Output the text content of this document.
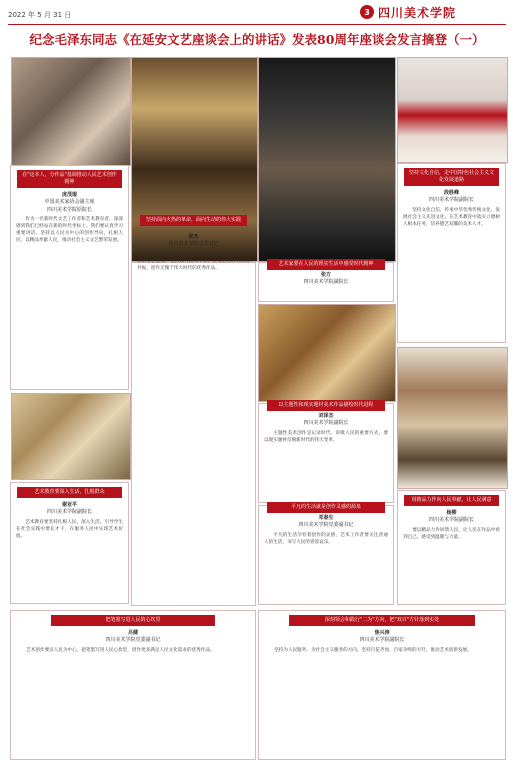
2022 年 5 月 31 日	3 四川美术学院
纪念毛泽东同志《在延安文艺座谈会上的讲话》发表80周年座谈会发言摘登（一）
在"这本人，分作品"基调推动人民艺术创作精神
庞茂琨
中国美术家协会副主席
四川美术学院原院长

作为一名新时代文艺工作者和艺术教育者，深深感到我们已经站在新的时代坐标上。我们要认真学习重要讲话，坚持以人民为中心的创作导向，扎根人民，以精品奉献人民，推动社会主义文艺繁荣发展。

坚持面向火热的革命，面向生动的伟大实践
张杰
四川美术学院党委书记

作为一名艺术家和专业学者，继承和发扬毛泽东同志的文艺思想，坚持以人民为中心，让文艺与时代同频共振，创作无愧于伟大时代的优秀作品。

艺术家要在人民的现实生活中感受时代精神
张方
四川美术学院副院长
坚持文化自信，走中国特色社会主义文化发展道路
段胜峰
四川美术学院副院长

坚持文化自信，传承中华优秀传统文化，发展社会主义先进文化，在艺术教育中落实立德树人根本任务，培养德艺双馨的美术人才。

以主题性和现实题材美术作品描绘时代进程
刘泽杰
四川美术学院副院长

主题性美术创作是记录时代、讴歌人民的重要方式，要以现实题材反映新时代的伟大变革。

艺术教育要深入生活，扎根群众
谢亚平
四川美术学院副院长

艺术教育要坚持扎根人民、深入生活，引导学生在社会实践中增长才干，在服务人民中实现艺术价值。

平凡的生活就是创作灵感的源泉
邓春生
四川美术学院党委副书记

平凡的生活孕育着创作的灵感，艺术工作者要关注普通人的生活，书写人民的喜怒哀乐。

用精品力作向人民奉献，让人民满意
杨柳
四川美术学院副院长

要以精品力作回馈人民，让人民在作品中看到自己、感受到温暖与力量。

把笔墨写进人民的心坎里
吕健
四川美术学院党委副书记

艺术创作要以人民为中心，把笔墨写进人民心坎里，创作更多满足人民文化需求的优秀作品。

深刻领会和践行"二为"方向，把"双百"方针落到实处
焦兴涛
四川美术学院副院长

坚持为人民服务、为社会主义服务的方向，坚持百花齐放、百家争鸣的方针，推动艺术创新发展。
